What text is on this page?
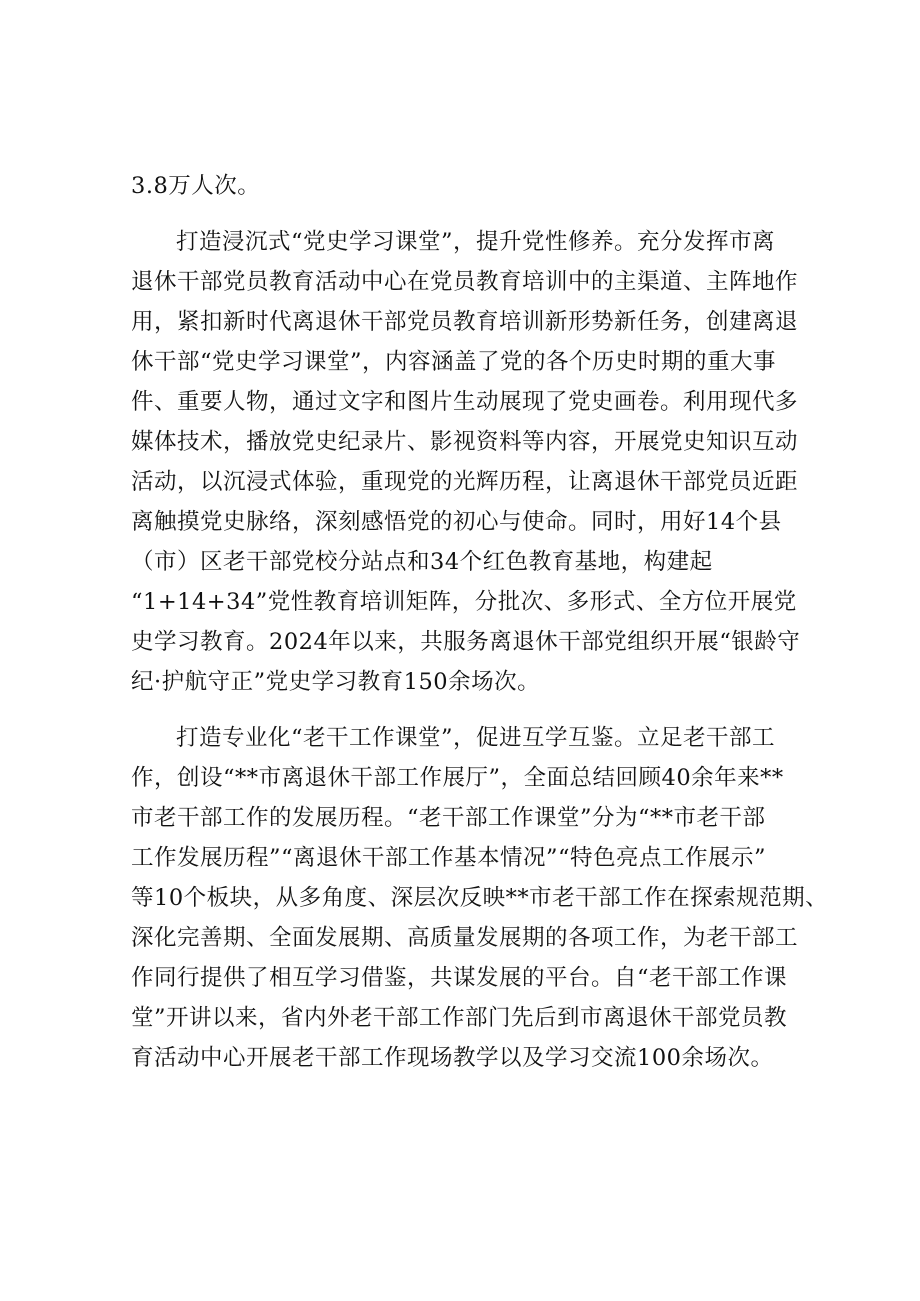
3.8万人次。
打造浸沉式“党史学习课堂”，提升党性修养。充分发挥市离
退休干部党员教育活动中心在党员教育培训中的主渠道、主阵地作
用，紧扣新时代离退休干部党员教育培训新形势新任务，创建离退
休干部“党史学习课堂”，内容涵盖了党的各个历史时期的重大事
件、重要人物，通过文字和图片生动展现了党史画卷。利用现代多
媒体技术，播放党史纪录片、影视资料等内容，开展党史知识互动
活动，以沉浸式体验，重现党的光辉历程，让离退休干部党员近距
离触摸党史脉络，深刻感悟党的初心与使命。同时，用好14个县
（市）区老干部党校分站点和34个红色教育基地，构建起
“1+14+34”党性教育培训矩阵，分批次、多形式、全方位开展党
史学习教育。2024年以来，共服务离退休干部党组织开展“银龄守
纪·护航守正”党史学习教育150余场次。
打造专业化“老干工作课堂”，促进互学互鉴。立足老干部工
作，创设“**市离退休干部工作展厅”，全面总结回顾40余年来**
市老干部工作的发展历程。“老干部工作课堂”分为“**市老干部
工作发展历程”“离退休干部工作基本情况”“特色亮点工作展示”
等10个板块，从多角度、深层次反映**市老干部工作在探索规范期、
深化完善期、全面发展期、高质量发展期的各项工作，为老干部工
作同行提供了相互学习借鉴，共谋发展的平台。自“老干部工作课
堂”开讲以来，省内外老干部工作部门先后到市离退休干部党员教
育活动中心开展老干部工作现场教学以及学习交流100余场次。
